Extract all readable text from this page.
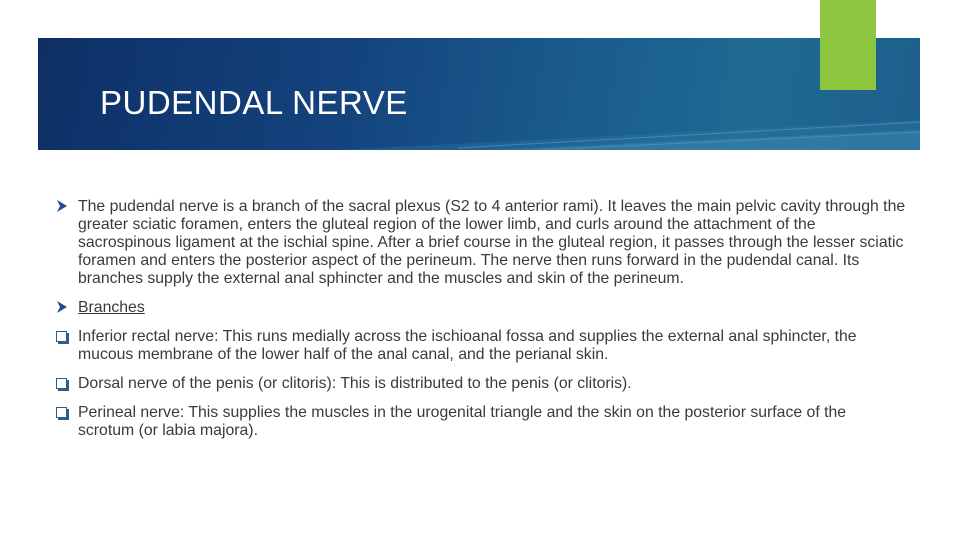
PUDENDAL NERVE
The pudendal nerve is a branch of the sacral plexus (S2 to 4 anterior rami). It leaves the main pelvic cavity through the greater sciatic foramen, enters the gluteal region of the lower limb, and curls around the attachment of the sacrospinous ligament at the ischial spine. After a brief course in the gluteal region, it passes through the lesser sciatic foramen and enters the posterior aspect of the perineum. The nerve then runs forward in the pudendal canal. Its branches supply the external anal sphincter and the muscles and skin of the perineum.
Branches
Inferior rectal nerve: This runs medially across the ischioanal fossa and supplies the external anal sphincter, the mucous membrane of the lower half of the anal canal, and the perianal skin.
Dorsal nerve of the penis (or clitoris): This is distributed to the penis (or clitoris).
Perineal nerve: This supplies the muscles in the urogenital triangle and the skin on the posterior surface of the scrotum (or labia majora).
